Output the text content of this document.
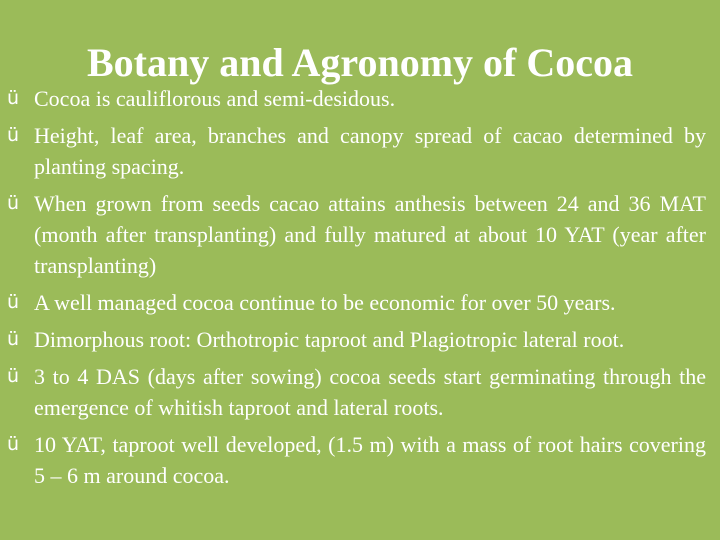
Botany and Agronomy of Cocoa
ü Cocoa is cauliflorous and semi-desidous.
ü Height, leaf area, branches and canopy spread of cacao determined by planting spacing.
ü When grown from seeds cacao attains anthesis between 24 and 36 MAT (month after transplanting) and fully matured at about 10 YAT (year after transplanting)
ü A well managed cocoa continue to be economic for over 50 years.
ü Dimorphous root: Orthotropic taproot and Plagiotropic lateral root.
ü 3 to 4 DAS (days after sowing) cocoa seeds start germinating through the emergence of whitish taproot and lateral roots.
ü 10 YAT, taproot well developed, (1.5 m) with a mass of root hairs covering 5 – 6 m around cocoa.
